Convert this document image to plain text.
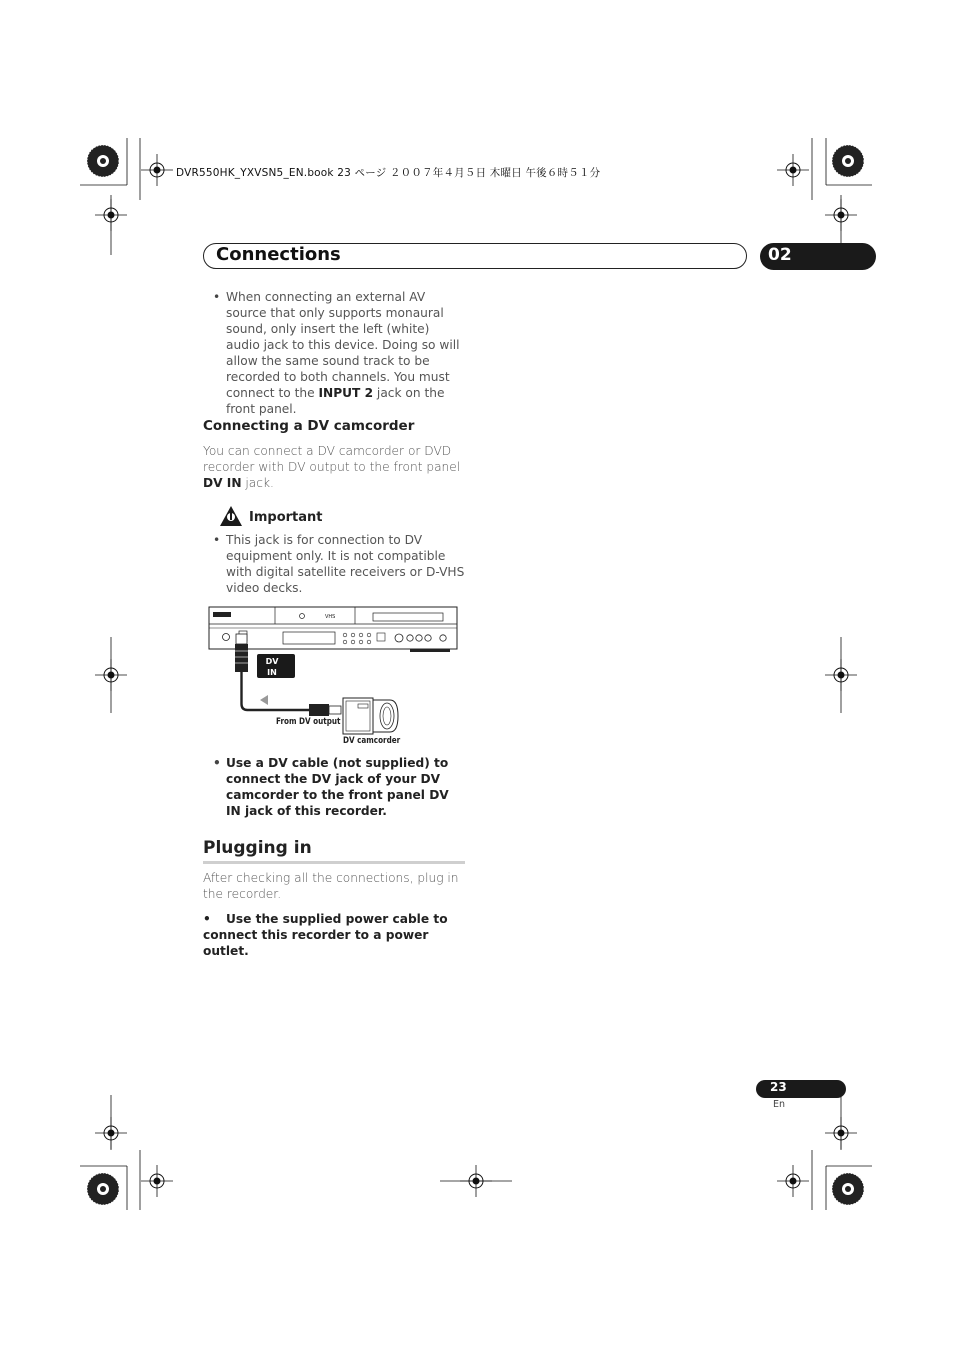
DVR550HK_YXVSN5_EN.book 23 ページ ２００７年４月５日 木曜日 午後６時５１分
Connections	02
• When connecting an external AV source that only supports monaural sound, only insert the left (white) audio jack to this device. Doing so will allow the same sound track to be recorded to both channels. You must connect to the INPUT 2 jack on the front panel.
Connecting a DV camcorder
You can connect a DV camcorder or DVD recorder with DV output to the front panel DV IN jack.
Important
• This jack is for connection to DV equipment only. It is not compatible with digital satellite receivers or D-VHS video decks.
VHS
DV
IN
From DV output
DV camcorder
• Use a DV cable (not supplied) to connect the DV jack of your DV camcorder to the front panel DV IN jack of this recorder.
Plugging in
After checking all the connections, plug in the recorder.
• Use the supplied power cable to connect this recorder to a power outlet.
23
En
